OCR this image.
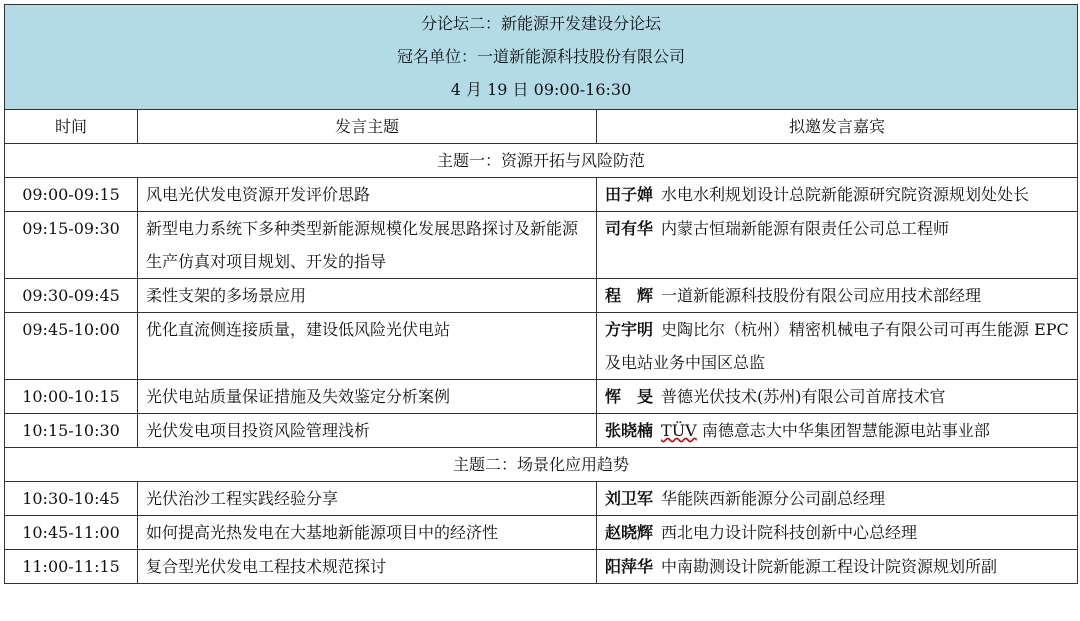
分论坛二：新能源开发建设分论坛
冠名单位：一道新能源科技股份有限公司
4 月 19 日 09:00-16:30		

时间	发言主题	拟邀发言嘉宾
主题一：资源开拓与风险防范		
09:00-09:15	风电光伏发电资源开发评价思路	田子婵 水电水利规划设计总院新能源研究院资源规划处处长
09:15-09:30	新型电力系统下多种类型新能源规模化发展思路探讨及新能源生产仿真对项目规划、开发的指导	司有华 内蒙古恒瑞新能源有限责任公司总工程师
09:30-09:45	柔性支架的多场景应用	程　辉 一道新能源科技股份有限公司应用技术部经理
09:45-10:00	优化直流侧连接质量，建设低风险光伏电站	方宇明 史陶比尔（杭州）精密机械电子有限公司可再生能源 EPC 及电站业务中国区总监
10:00-10:15	光伏电站质量保证措施及失效鉴定分析案例	恽　旻 普德光伏技术(苏州)有限公司首席技术官
10:15-10:30	光伏发电项目投资风险管理浅析	张晓楠 TÜV 南德意志大中华集团智慧能源电站事业部
主题二：场景化应用趋势		
10:30-10:45	光伏治沙工程实践经验分享	刘卫军 华能陕西新能源分公司副总经理
10:45-11:00	如何提高光热发电在大基地新能源项目中的经济性	赵晓辉 西北电力设计院科技创新中心总经理
11:00-11:15	复合型光伏发电工程技术规范探讨	阳萍华 中南勘测设计院新能源工程设计院资源规划所副
